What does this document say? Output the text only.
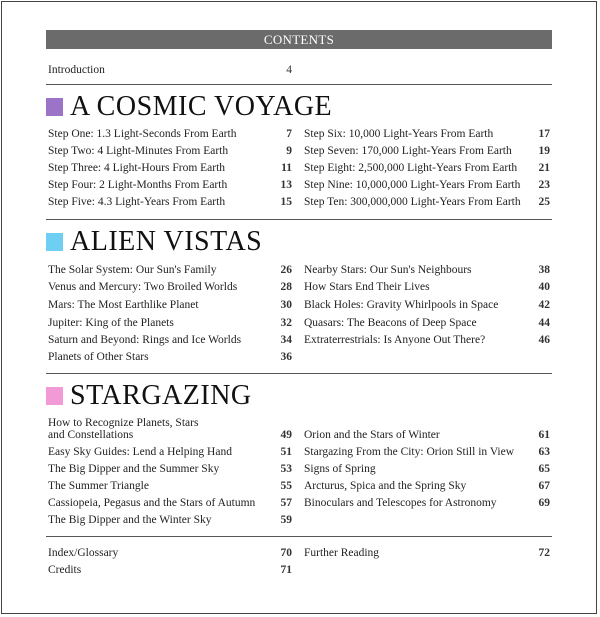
CONTENTS
Introduction	4
A COSMIC VOYAGE
Step One: 1.3 Light-Seconds From Earth	7
Step Two: 4 Light-Minutes From Earth	9
Step Three: 4 Light-Hours From Earth	11
Step Four: 2 Light-Months From Earth	13
Step Five: 4.3 Light-Years From Earth	15
Step Six: 10,000 Light-Years From Earth	17
Step Seven: 170,000 Light-Years From Earth	19
Step Eight: 2,500,000 Light-Years From Earth	21
Step Nine: 10,000,000 Light-Years From Earth	23
Step Ten: 300,000,000 Light-Years From Earth	25
ALIEN VISTAS
The Solar System: Our Sun's Family	26
Venus and Mercury: Two Broiled Worlds	28
Mars: The Most Earthlike Planet	30
Jupiter: King of the Planets	32
Saturn and Beyond: Rings and Ice Worlds	34
Planets of Other Stars	36
Nearby Stars: Our Sun's Neighbours	38
How Stars End Their Lives	40
Black Holes: Gravity Whirlpools in Space	42
Quasars: The Beacons of Deep Space	44
Extraterrestrials: Is Anyone Out There?	46
STARGAZING
How to Recognize Planets, Stars
and Constellations	49
Easy Sky Guides: Lend a Helping Hand	51
The Big Dipper and the Summer Sky	53
The Summer Triangle	55
Cassiopeia, Pegasus and the Stars of Autumn	57
The Big Dipper and the Winter Sky	59
Orion and the Stars of Winter	61
Stargazing From the City: Orion Still in View	63
Signs of Spring	65
Arcturus, Spica and the Spring Sky	67
Binoculars and Telescopes for Astronomy	69
Index/Glossary	70
Credits	71
Further Reading	72
